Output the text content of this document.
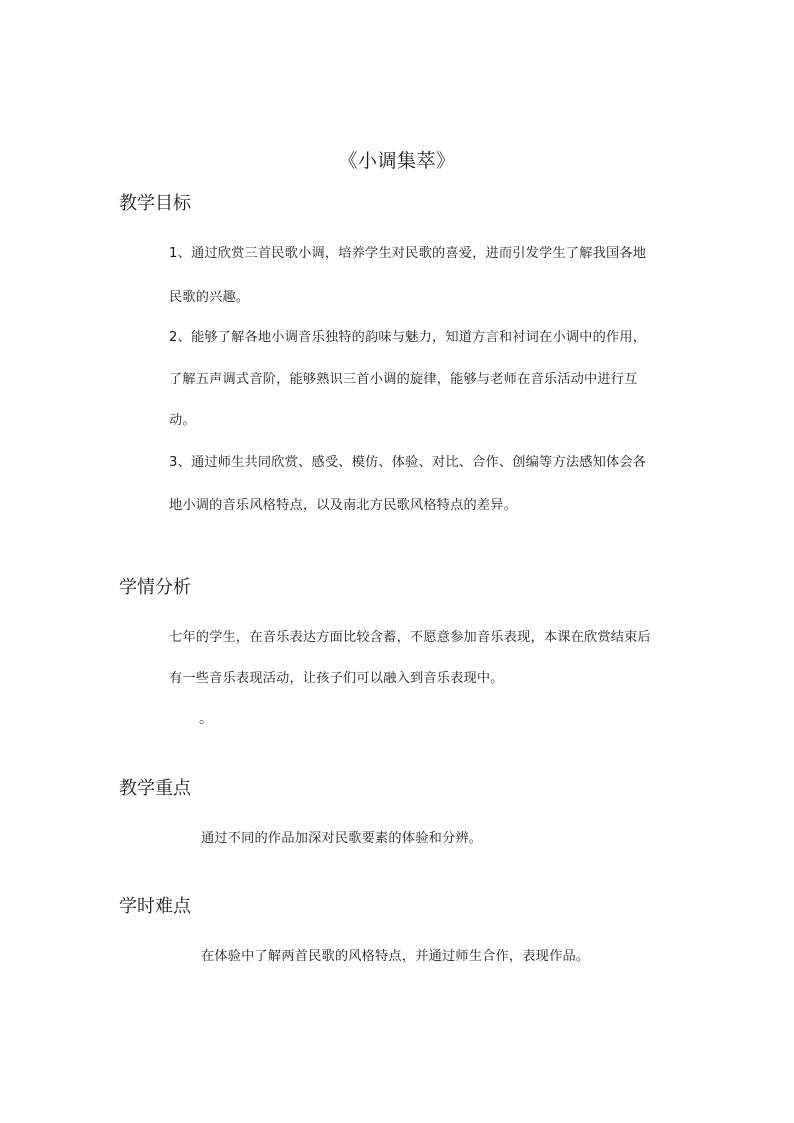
《小调集萃》
教学目标
1、通过欣赏三首民歌小调，培养学生对民歌的喜爱，进而引发学生了解我国各地
民歌的兴趣。
2、能够了解各地小调音乐独特的韵味与魅力，知道方言和衬词在小调中的作用，
了解五声调式音阶，能够熟识三首小调的旋律，能够与老师在音乐活动中进行互
动。
3、通过师生共同欣赏、感受、模仿、体验、对比、合作、创编等方法感知体会各
地小调的音乐风格特点，以及南北方民歌风格特点的差异。
学情分析
七年的学生，在音乐表达方面比较含蓄，不愿意参加音乐表现，本课在欣赏结束后
有一些音乐表现活动，让孩子们可以融入到音乐表现中。
。
教学重点
通过不同的作品加深对民歌要素的体验和分辨。
学时难点
在体验中了解两首民歌的风格特点，并通过师生合作，表现作品。
